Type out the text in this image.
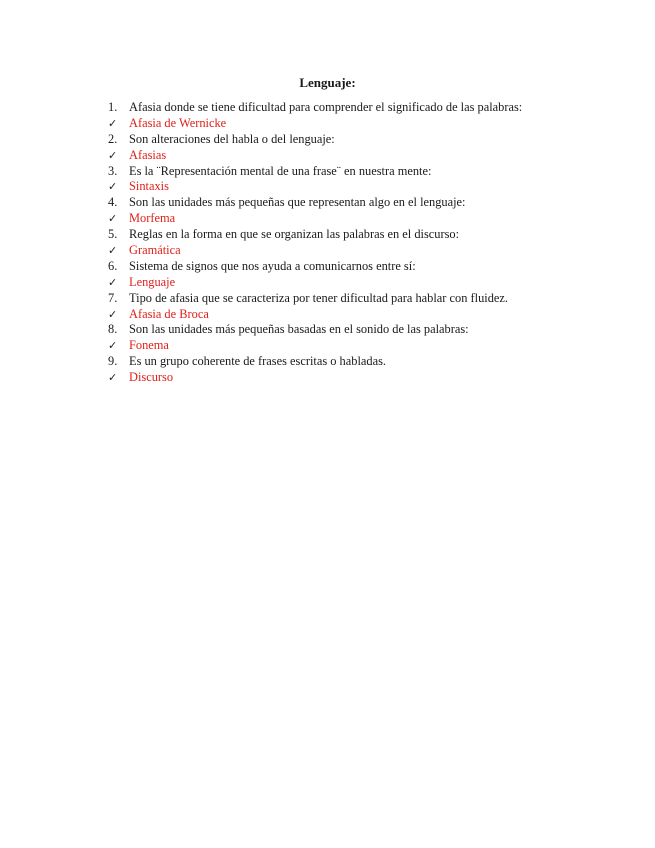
Lenguaje:
1. Afasia donde se tiene dificultad para comprender el significado de las palabras:
✓ Afasia de Wernicke
2. Son alteraciones del habla o del lenguaje:
✓ Afasias
3. Es la ¨Representación mental de una frase¨ en nuestra mente:
✓ Sintaxis
4. Son las unidades más pequeñas que representan algo en el lenguaje:
✓ Morfema
5. Reglas en la forma en que se organizan las palabras en el discurso:
✓ Gramática
6. Sistema de signos que nos ayuda a comunicarnos entre sí:
✓ Lenguaje
7. Tipo de afasia que se caracteriza por tener dificultad para hablar con fluidez.
✓ Afasia de Broca
8. Son las unidades más pequeñas basadas en el sonido de las palabras:
✓ Fonema
9. Es un grupo coherente de frases escritas o habladas.
✓ Discurso
